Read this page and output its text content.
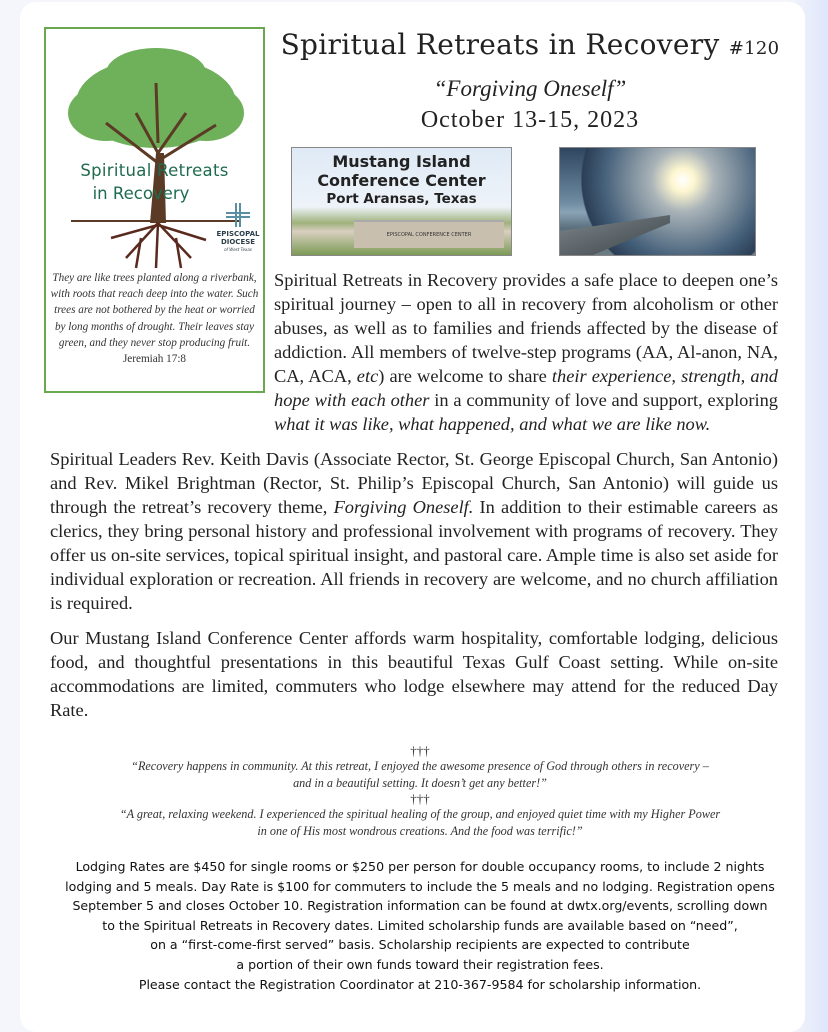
Spiritual Retreats
in Recovery
EPISCOPAL
DIOCESE
of West Texas
They are like trees planted along a riverbank, with roots that reach deep into the water. Such trees are not bothered by the heat or worried by long months of drought. Their leaves stay green, and they never stop producing fruit.
Jeremiah 17:8
Spiritual Retreats in Recovery #120
“Forgiving Oneself”
October 13-15, 2023
Mustang Island
Conference Center
Port Aransas, Texas
EPISCOPAL CONFERENCE CENTER

Spiritual Retreats in Recovery provides a safe place to deepen one’s spiritual journey – open to all in recovery from alcoholism or other abuses, as well as to families and friends affected by the disease of addiction. All members of twelve-step programs (AA, Al-anon, NA, CA, ACA, etc) are welcome to share their experience, strength, and hope with each other in a community of love and support, exploring what it was like, what happened, and what we are like now.

Spiritual Leaders Rev. Keith Davis (Associate Rector, St. George Episcopal Church, San Antonio) and Rev. Mikel Brightman (Rector, St. Philip’s Episcopal Church, San Antonio) will guide us through the retreat’s recovery theme, Forgiving Oneself. In addition to their estimable careers as clerics, they bring personal history and professional involvement with programs of recovery. They offer us on-site services, topical spiritual insight, and pastoral care. Ample time is also set aside for individual exploration or recreation. All friends in recovery are welcome, and no church affiliation is required.

Our Mustang Island Conference Center affords warm hospitality, comfortable lodging, delicious food, and thoughtful presentations in this beautiful Texas Gulf Coast setting. While on-site accommodations are limited, commuters who lodge elsewhere may attend for the reduced Day Rate.

†††
“Recovery happens in community. At this retreat, I enjoyed the awesome presence of God through others in recovery –
and in a beautiful setting. It doesn’t get any better!”
†††
“A great, relaxing weekend. I experienced the spiritual healing of the group, and enjoyed quiet time with my Higher Power
in one of His most wondrous creations. And the food was terrific!”
Lodging Rates are $450 for single rooms or $250 per person for double occupancy rooms, to include 2 nights
lodging and 5 meals. Day Rate is $100 for commuters to include the 5 meals and no lodging. Registration opens
September 5 and closes October 10. Registration information can be found at dwtx.org/events, scrolling down
to the Spiritual Retreats in Recovery dates. Limited scholarship funds are available based on “need”,
on a “first-come-first served” basis. Scholarship recipients are expected to contribute
a portion of their own funds toward their registration fees.
Please contact the Registration Coordinator at 210-367-9584 for scholarship information.
